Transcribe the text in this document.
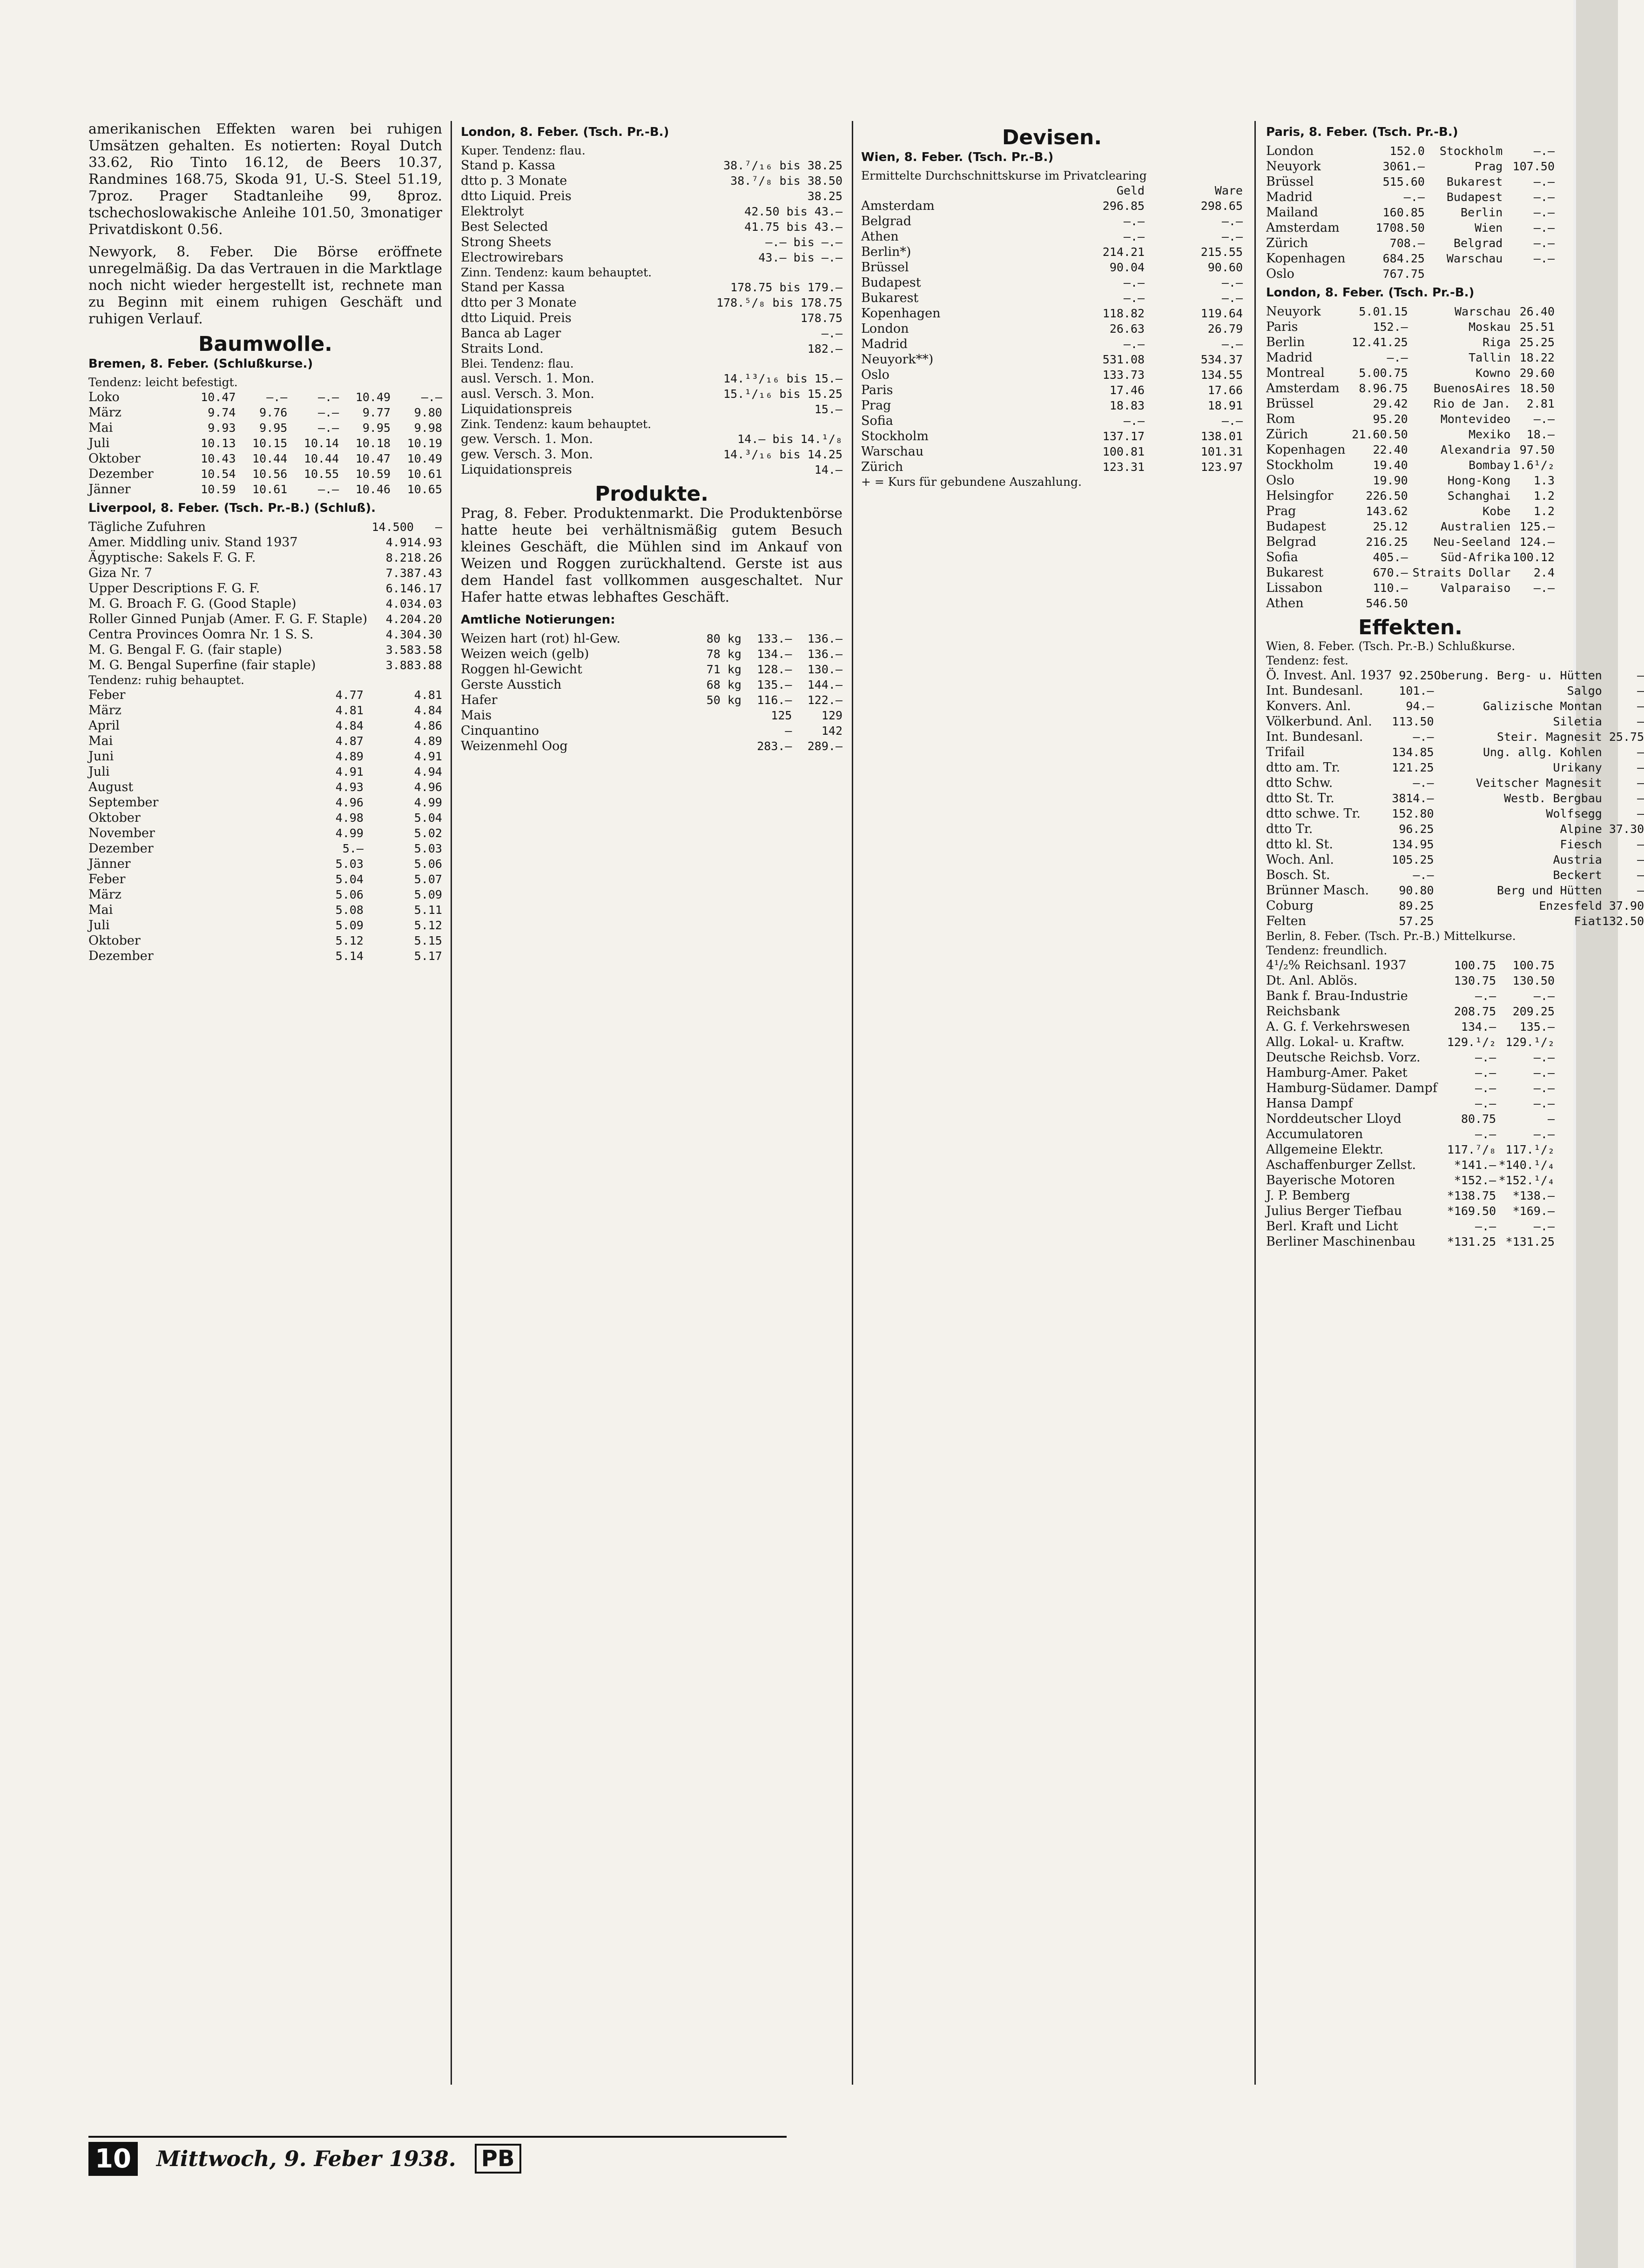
amerikanischen Effekten waren bei ruhigen Umsätzen gehalten. Es notierten: Royal Dutch 33.62, Rio Tinto 16.12, de Beers 10.37, Randmines 168.75, Skoda 91, U.-S. Steel 51.19, 7proz. Prager Stadtanleihe 99, 8proz. tschechoslowakische Anleihe 101.50, 3monatiger Privatdiskont 0.56.

Newyork, 8. Feber. Die Börse eröffnete unregelmäßig. Da das Vertrauen in die Marktlage noch nicht wieder hergestellt ist, rechnete man zu Beginn mit einem ruhigen Geschäft und ruhigen Verlauf.

Baumwolle.
Bremen, 8. Feber. (Schlußkurse.)
Tendenz: leicht befestigt.
Loko	10.47	—.—	—.—	10.49	—.—
März	9.74	9.76	—.—	9.77	9.80
Mai	9.93	9.95	—.—	9.95	9.98
Juli	10.13	10.15	10.14	10.18	10.19
Oktober	10.43	10.44	10.44	10.47	10.49
Dezember	10.54	10.56	10.55	10.59	10.61
Jänner	10.59	10.61	—.—	10.46	10.65
Liverpool, 8. Feber. (Tsch. Pr.-B.) (Schluß).
Tägliche Zufuhren	14.500	—
Amer. Middling univ. Stand 1937	4.91	4.93
Ägyptische: Sakels F. G. F.	8.21	8.26
Giza Nr. 7	7.38	7.43
Upper Descriptions F. G. F.	6.14	6.17
M. G. Broach F. G. (Good Staple)	4.03	4.03
Roller Ginned Punjab (Amer. F. G. F. Staple)	4.20	4.20
Centra Provinces Oomra Nr. 1 S. S.	4.30	4.30
M. G. Bengal F. G. (fair staple)	3.58	3.58
M. G. Bengal Superfine (fair staple)	3.88	3.88
Tendenz: ruhig behauptet.
Feber	4.77	4.81
März	4.81	4.84
April	4.84	4.86
Mai	4.87	4.89
Juni	4.89	4.91
Juli	4.91	4.94
August	4.93	4.96
September	4.96	4.99
Oktober	4.98	5.04
November	4.99	5.02
Dezember	5.—	5.03
Jänner	5.03	5.06
Feber	5.04	5.07
März	5.06	5.09
Mai	5.08	5.11
Juli	5.09	5.12
Oktober	5.12	5.15
Dezember	5.14	5.17
London, 8. Feber. (Tsch. Pr.-B.)
Kuper. Tendenz: flau.
Stand p. Kassa	38.⁷/₁₆ bis 38.25
dtto p. 3 Monate	38.⁷/₈ bis 38.50
dtto Liquid. Preis	38.25
Elektrolyt	42.50 bis 43.—
Best Selected	41.75 bis 43.—
Strong Sheets	—.— bis —.—
Electrowirebars	43.— bis —.—
Zinn. Tendenz: kaum behauptet.
Stand per Kassa	178.75 bis 179.—
dtto per 3 Monate	178.⁵/₈ bis 178.75
dtto Liquid. Preis	178.75
Banca ab Lager	—.—
Straits Lond.	182.—
Blei. Tendenz: flau.
ausl. Versch. 1. Mon.	14.¹³/₁₆ bis 15.—
ausl. Versch. 3. Mon.	15.¹/₁₆ bis 15.25
Liquidationspreis	15.—
Zink. Tendenz: kaum behauptet.
gew. Versch. 1. Mon.	14.— bis 14.¹/₈
gew. Versch. 3. Mon.	14.³/₁₆ bis 14.25
Liquidationspreis	14.—
Produkte.

Prag, 8. Feber. Produktenmarkt. Die Produktenbörse hatte heute bei verhältnismäßig gutem Besuch kleines Geschäft, die Mühlen sind im Ankauf von Weizen und Roggen zurückhaltend. Gerste ist aus dem Handel fast vollkommen ausgeschaltet. Nur Hafer hatte etwas lebhaftes Geschäft.

Amtliche Notierungen:
Weizen hart (rot) hl-Gew.	80 kg	133.—	136.—
Weizen weich (gelb)	78 kg	134.—	136.—
Roggen hl-Gewicht	71 kg	128.—	130.—
Gerste Ausstich	68 kg	135.—	144.—
Hafer	50 kg	116.—	122.—
Mais		125	129
Cinquantino		—	142
Weizenmehl Oog		283.—	289.—
Devisen.
Wien, 8. Feber. (Tsch. Pr.-B.)
Ermittelte Durchschnittskurse im Privatclearing
	Geld	Ware
Amsterdam	296.85	298.65
Belgrad	—.—	—.—
Athen	—.—	—.—
Berlin*)	214.21	215.55
Brüssel	90.04	90.60
Budapest	—.—	—.—
Bukarest	—.—	—.—
Kopenhagen	118.82	119.64
London	26.63	26.79
Madrid	—.—	—.—
Neuyork**)	531.08	534.37
Oslo	133.73	134.55
Paris	17.46	17.66
Prag	18.83	18.91
Sofia	—.—	—.—
Stockholm	137.17	138.01
Warschau	100.81	101.31
Zürich	123.31	123.97
+ = Kurs für gebundene Auszahlung.
Paris, 8. Feber. (Tsch. Pr.-B.)
London	152.0	Stockholm	—.—
Neuyork	3061.—	Prag	107.50
Brüssel	515.60	Bukarest	—.—
Madrid	—.—	Budapest	—.—
Mailand	160.85	Berlin	—.—
Amsterdam	1708.50	Wien	—.—
Zürich	708.—	Belgrad	—.—
Kopenhagen	684.25	Warschau	—.—
Oslo	767.75		
London, 8. Feber. (Tsch. Pr.-B.)
Neuyork	5.01.15	Warschau	26.40
Paris	152.—	Moskau	25.51
Berlin	12.41.25	Riga	25.25
Madrid	—.—	Tallin	18.22
Montreal	5.00.75	Kowno	29.60
Amsterdam	8.96.75	BuenosAires	18.50
Brüssel	29.42	Rio de Jan.	2.81
Rom	95.20	Montevideo	—.—
Zürich	21.60.50	Mexiko	18.—
Kopenhagen	22.40	Alexandria	97.50
Stockholm	19.40	Bombay	1.6¹/₂
Oslo	19.90	Hong-Kong	1.3
Helsingfor	226.50	Schanghai	1.2
Prag	143.62	Kobe	1.2
Budapest	25.12	Australien	125.—
Belgrad	216.25	Neu-Seeland	124.—
Sofia	405.—	Süd-Afrika	100.12
Bukarest	670.—	Straits Dollar	2.4
Lissabon	110.—	Valparaiso	—.—
Athen	546.50		
Effekten.
Wien, 8. Feber. (Tsch. Pr.-B.) Schlußkurse. Tendenz: fest.
Ö. Invest. Anl. 1937	92.25	Oberung. Berg- u. Hütten	—
Int. Bundesanl.	101.—	Salgo	—
Konvers. Anl.	94.—	Galizische Montan	—
Völkerbund. Anl.	113.50	Siletia	—
Int. Bundesanl.	—.—	Steir. Magnesit	25.75
Trifail	134.85	Ung. allg. Kohlen	—
dtto am. Tr.	121.25	Urikany	—
dtto Schw.	—.—	Veitscher Magnesit	—
dtto St. Tr.	3814.—	Westb. Bergbau	—
dtto schwe. Tr.	152.80	Wolfsegg	—
dtto Tr.	96.25	Alpine	37.30
dtto kl. St.	134.95	Fiesch	—
Woch. Anl.	105.25	Austria	—
Bosch. St.	—.—	Beckert	—
Brünner Masch.	90.80	Berg und Hütten	—
Coburg	89.25	Enzesfeld	37.90
Felten	57.25	Fiat	132.50
Berlin, 8. Feber. (Tsch. Pr.-B.) Mittelkurse. Tendenz: freundlich.
4¹/₂% Reichsanl. 1937	100.75	100.75
Dt. Anl. Ablös.	130.75	130.50
Bank f. Brau-Industrie	—.—	—.—
Reichsbank	208.75	209.25
A. G. f. Verkehrswesen	134.—	135.—
Allg. Lokal- u. Kraftw.	129.¹/₂	129.¹/₂
Deutsche Reichsb. Vorz.	—.—	—.—
Hamburg-Amer. Paket	—.—	—.—
Hamburg-Südamer. Dampf	—.—	—.—
Hansa Dampf	—.—	—.—
Norddeutscher Lloyd	80.75	—
Accumulatoren	—.—	—.—
Allgemeine Elektr.	117.⁷/₈	117.¹/₂
Aschaffenburger Zellst.	*141.—	*140.¹/₄
Bayerische Motoren	*152.—	*152.¹/₄
J. P. Bemberg	*138.75	*138.—
Julius Berger Tiefbau	*169.50	*169.—
Berl. Kraft und Licht	—.—	—.—
Berliner Maschinenbau	*131.25	*131.25
10	Mittwoch, 9. Feber 1938. PB
